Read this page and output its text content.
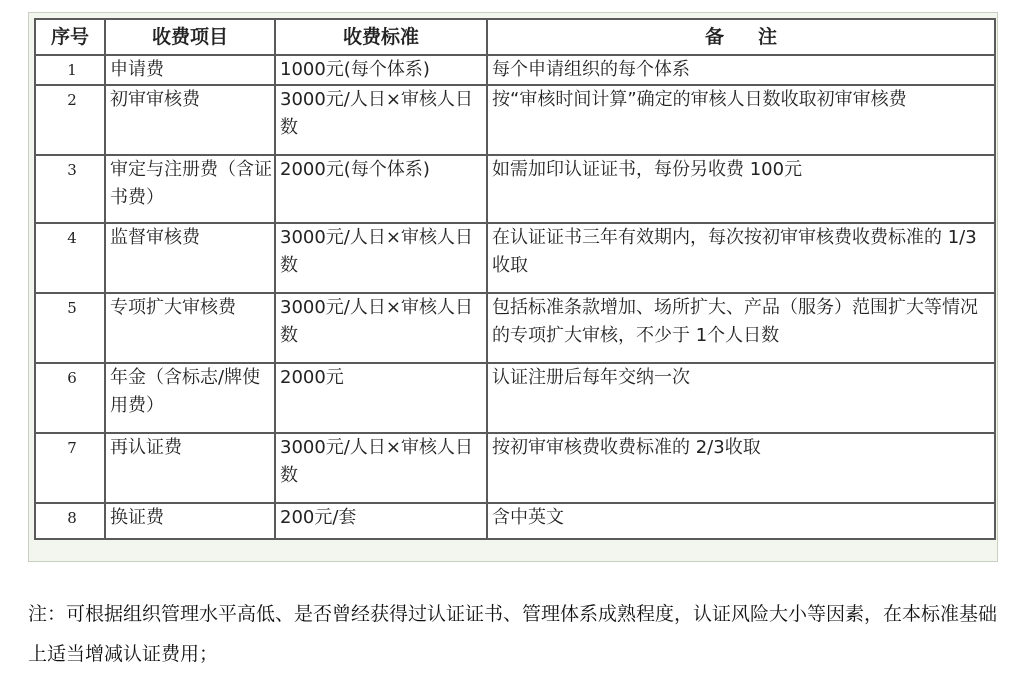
序号	收费项目	收费标准	备注
1	申请费	1000元(每个体系)	每个申请组织的每个体系
2	初审审核费	3000元/人日×审核人日数	按“审核时间计算”确定的审核人日数收取初审审核费
3	审定与注册费（含证书费）	2000元(每个体系)	如需加印认证证书，每份另收费 100元
4	监督审核费	3000元/人日×审核人日数	在认证证书三年有效期内，每次按初审审核费收费标准的 1/3收取
5	专项扩大审核费	3000元/人日×审核人日数	包括标准条款增加、场所扩大、产品（服务）范围扩大等情况的专项扩大审核，不少于 1个人日数
6	年金（含标志/牌使用费）	2000元	认证注册后每年交纳一次
7	再认证费	3000元/人日×审核人日数	按初审审核费收费标准的 2/3收取
8	换证费	200元/套	含中英文

注：可根据组织管理水平高低、是否曾经获得过认证证书、管理体系成熟程度，认证风险大小等因素，在本标准基础上适当增减认证费用；
